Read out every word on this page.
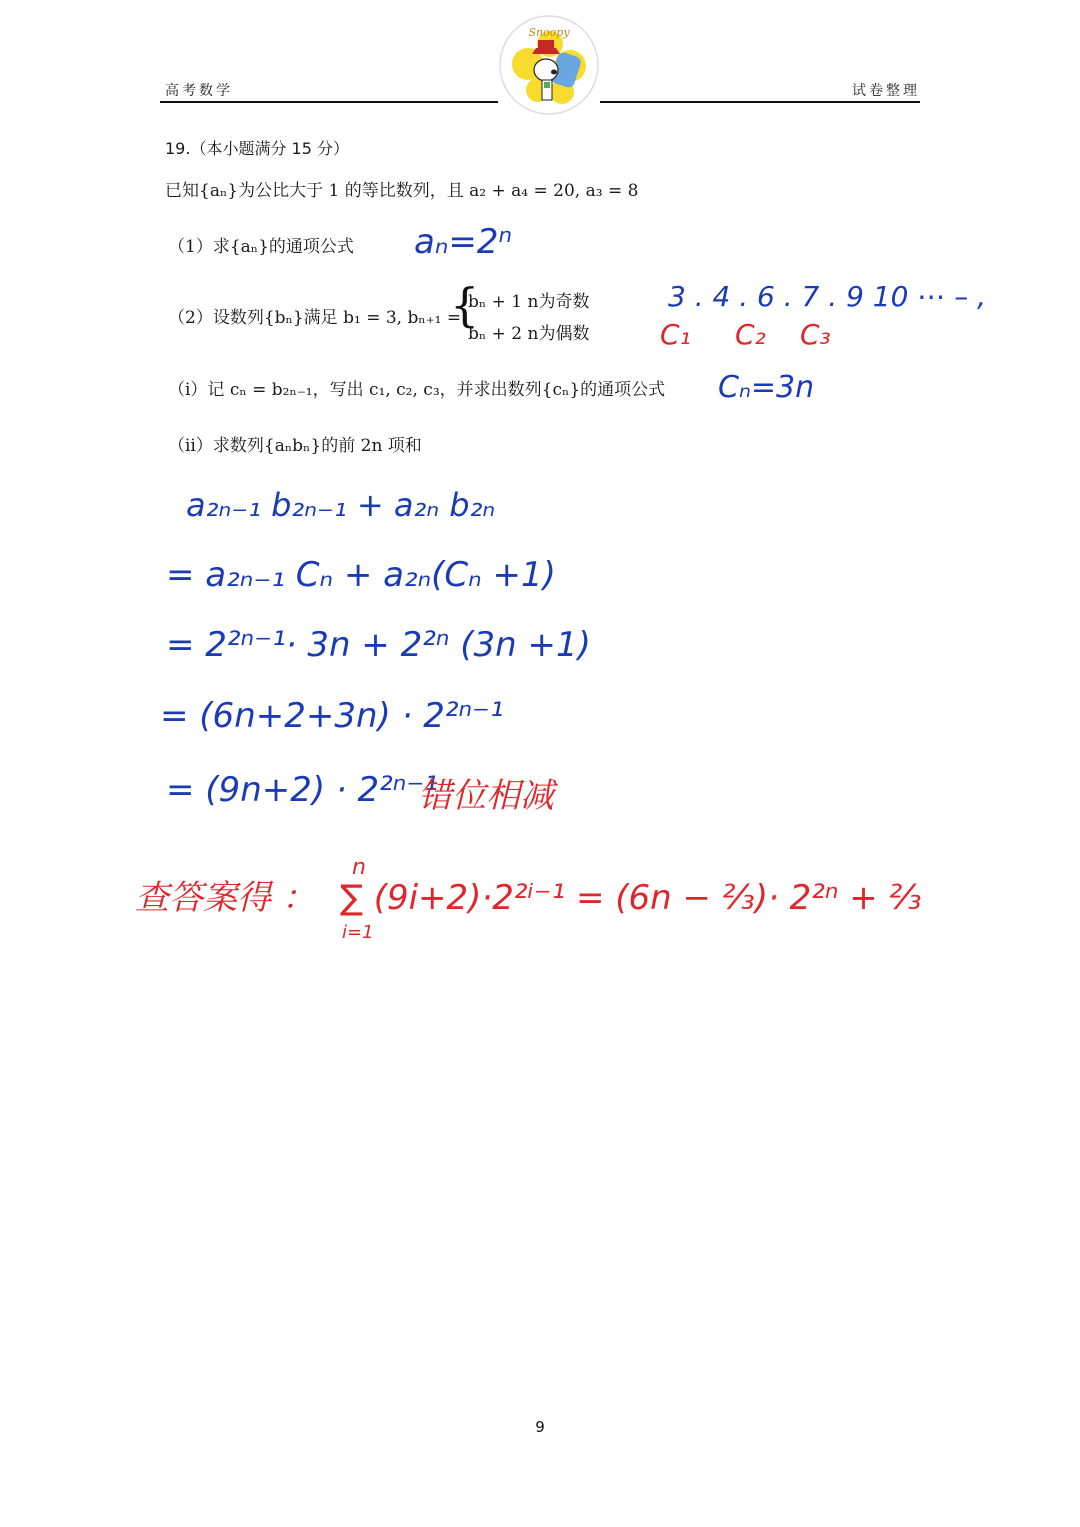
高考数学	试卷整理
Snoopy
19.（本小题满分 15 分）
已知{aₙ}为公比大于 1 的等比数列，且 a₂ + a₄ = 20, a₃ = 8
（1）求{aₙ}的通项公式
（2）设数列{bₙ}满足 b₁ = 3, bₙ₊₁ =
{
bₙ + 1 n为奇数
bₙ + 2 n为偶数
（i）记 cₙ = b₂ₙ₋₁，写出 c₁, c₂, c₃，并求出数列{cₙ}的通项公式
（ii）求数列{aₙbₙ}的前 2n 项和
aₙ=2ⁿ
3 . 4 . 6 . 7 . 9 10 ⋯ – ,
C₁ C₂ C₃
Cₙ=3n
a₂ₙ₋₁ b₂ₙ₋₁ + a₂ₙ b₂ₙ
= a₂ₙ₋₁ Cₙ + a₂ₙ(Cₙ +1)
= 2²ⁿ⁻¹· 3n + 2²ⁿ (3n +1)
= (6n+2+3n) · 2²ⁿ⁻¹
= (9n+2) · 2²ⁿ⁻¹
错位相减
查答案得 ：
n
i=1
∑ (9i+2)·2²ⁱ⁻¹ = (6n − ⅔)· 2²ⁿ + ⅔
9
